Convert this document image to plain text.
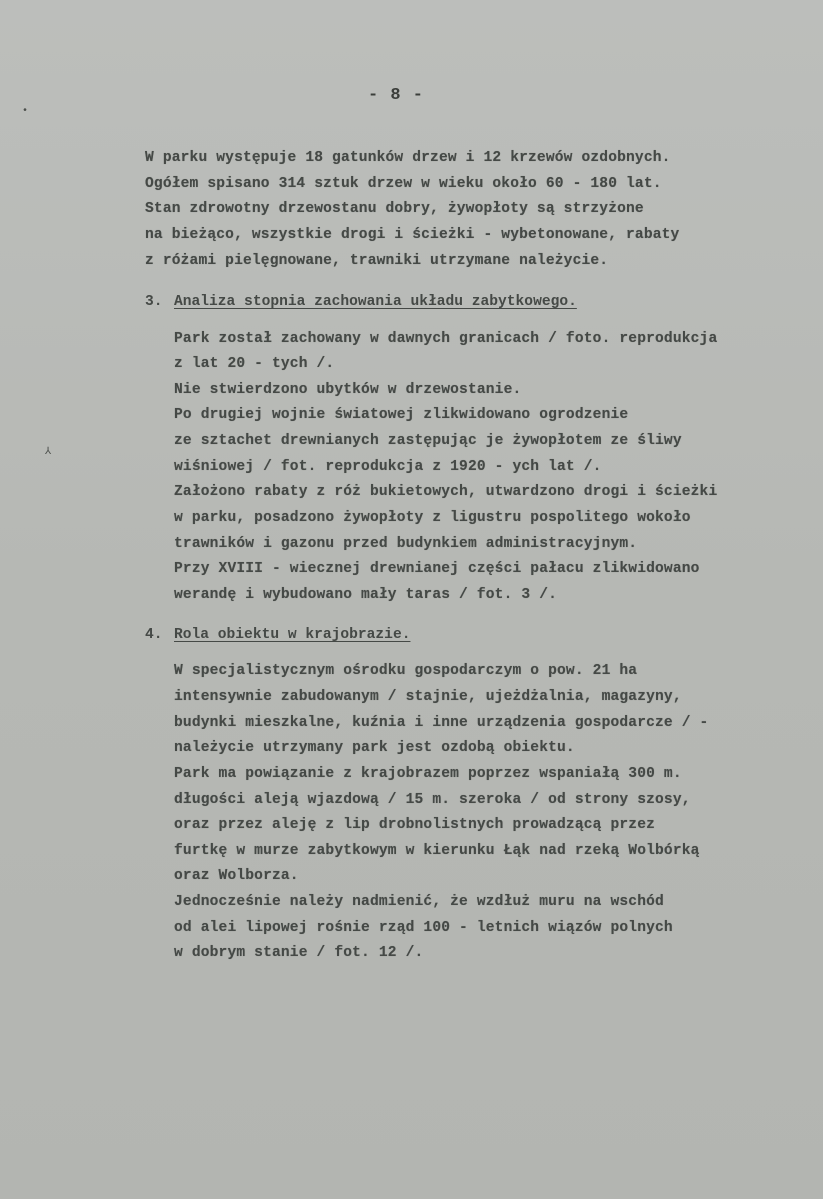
•
⅄
- 8 -
W parku występuje 18 gatunków drzew i 12 krzewów ozdobnych.
Ogółem spisano 314 sztuk drzew w wieku około 60 - 180 lat.
Stan zdrowotny drzewostanu dobry, żywopłoty są strzyżone
na bieżąco, wszystkie drogi i ścieżki - wybetonowane, rabaty
z różami pielęgnowane, trawniki utrzymane należycie.
3. Analiza stopnia zachowania układu zabytkowego.
Park został zachowany w dawnych granicach / foto. reprodukcja
z lat 20 - tych /.
Nie stwierdzono ubytków w drzewostanie.
Po drugiej wojnie światowej zlikwidowano ogrodzenie
ze sztachet drewnianych zastępując je żywopłotem ze śliwy
wiśniowej / fot. reprodukcja z 1920 - ych lat /.
Założono rabaty z róż bukietowych, utwardzono drogi i ścieżki
w parku, posadzono żywopłoty z ligustru pospolitego wokoło
trawników i gazonu przed budynkiem administracyjnym.
Przy XVIII - wiecznej drewnianej części pałacu zlikwidowano
werandę i wybudowano mały taras / fot. 3 /.
4. Rola obiektu w krajobrazie.
W specjalistycznym ośrodku gospodarczym o pow. 21 ha
intensywnie zabudowanym / stajnie, ujeżdżalnia, magazyny,
budynki mieszkalne, kuźnia i inne urządzenia gospodarcze / -
należycie utrzymany park jest ozdobą obiektu.
Park ma powiązanie z krajobrazem poprzez wspaniałą 300 m.
długości aleją wjazdową / 15 m. szeroka / od strony szosy,
oraz przez aleję z lip drobnolistnych prowadzącą przez
furtkę w murze zabytkowym w kierunku Łąk nad rzeką Wolbórką
oraz Wolborza.
Jednocześnie należy nadmienić, że wzdłuż muru na wschód
od alei lipowej rośnie rząd 100 - letnich wiązów polnych
w dobrym stanie / fot. 12 /.
